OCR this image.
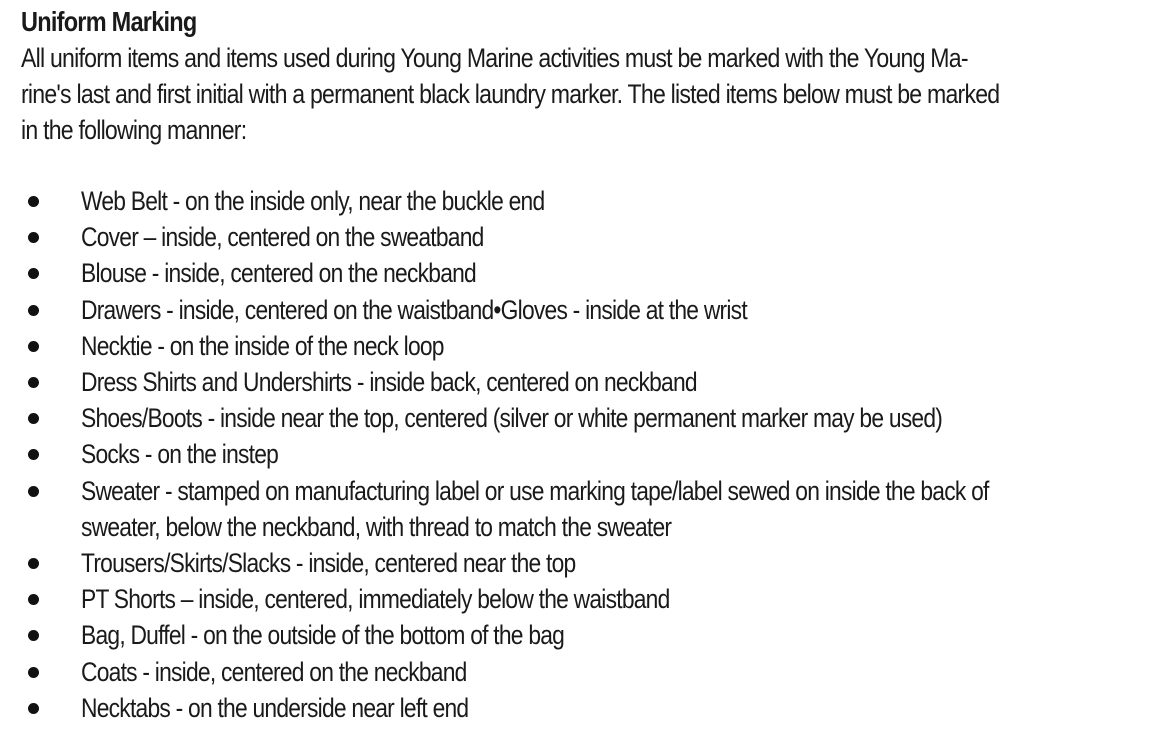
Uniform Marking

All uniform items and items used during Young Marine activities must be marked with the Young Ma-
rine's last and first initial with a permanent black laundry marker. The listed items below must be marked
in the following manner:

Web Belt - on the inside only, near the buckle end
Cover – inside, centered on the sweatband
Blouse - inside, centered on the neckband
Drawers - inside, centered on the waistband•Gloves - inside at the wrist
Necktie - on the inside of the neck loop
Dress Shirts and Undershirts - inside back, centered on neckband
Shoes/Boots - inside near the top, centered (silver or white permanent marker may be used)
Socks - on the instep
Sweater - stamped on manufacturing label or use marking tape/label sewed on inside the back of
sweater, below the neckband, with thread to match the sweater
Trousers/Skirts/Slacks - inside, centered near the top
PT Shorts – inside, centered, immediately below the waistband
Bag, Duffel - on the outside of the bottom of the bag
Coats - inside, centered on the neckband
Necktabs - on the underside near left end
